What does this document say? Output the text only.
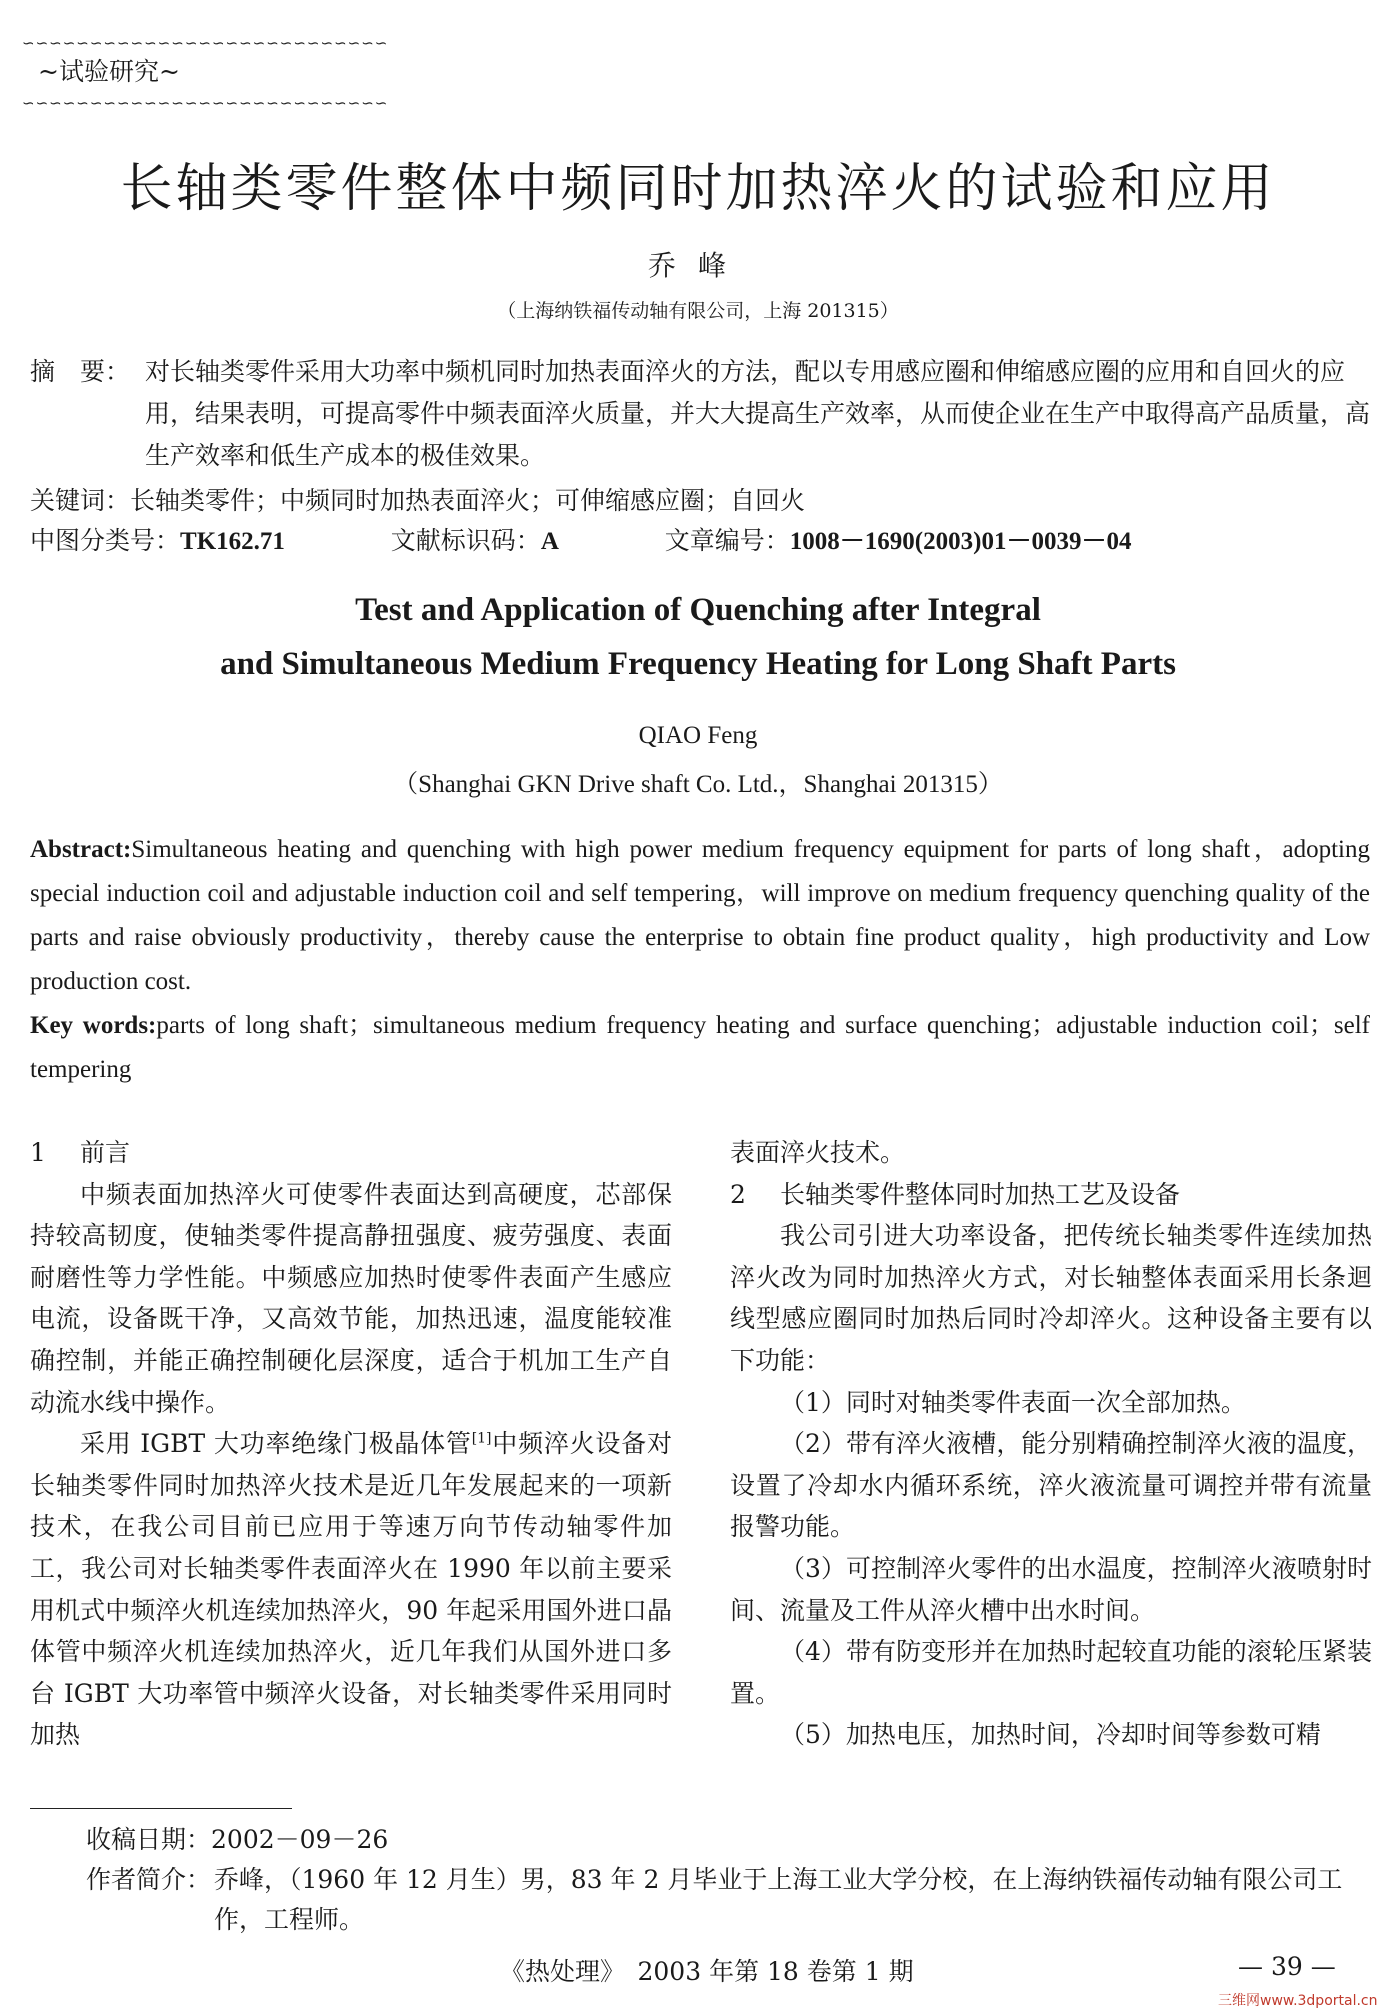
∽∽∽∽∽∽∽∽∽∽∽∽∽∽∽∽∽∽∽∽∽∽∽∽∽∽∽
~试验研究~
∽∽∽∽∽∽∽∽∽∽∽∽∽∽∽∽∽∽∽∽∽∽∽∽∽∽∽
长轴类零件整体中频同时加热淬火的试验和应用
乔峰
（上海纳铁福传动轴有限公司，上海 201315）
摘　要： 对长轴类零件采用大功率中频机同时加热表面淬火的方法，配以专用感应圈和伸缩感应圈的应用和自回火的应用，结果表明，可提高零件中频表面淬火质量，并大大提高生产效率，从而使企业在生产中取得高产品质量，高生产效率和低生产成本的极佳效果。
关键词：长轴类零件；中频同时加热表面淬火；可伸缩感应圈；自回火
中图分类号：TK162.71	文献标识码：A	文章编号：1008－1690(2003)01－0039－04
Test and Application of Quenching after Integral
and Simultaneous Medium Frequency Heating for Long Shaft Parts
QIAO Feng
（Shanghai GKN Drive shaft Co. Ltd.，Shanghai 201315）
Abstract:Simultaneous heating and quenching with high power medium frequency equipment for parts of long shaft，adopting special induction coil and adjustable induction coil and self tempering，will improve on medium frequency quenching quality of the parts and raise obviously productivity，thereby cause the enterprise to obtain fine product quality，high productivity and Low production cost.
Key words:parts of long shaft；simultaneous medium frequency heating and surface quenching；adjustable induction coil；self tempering

1 前言

中频表面加热淬火可使零件表面达到高硬度，芯部保持较高韧度，使轴类零件提高静扭强度、疲劳强度、表面耐磨性等力学性能。中频感应加热时使零件表面产生感应电流，设备既干净，又高效节能，加热迅速，温度能较准确控制，并能正确控制硬化层深度，适合于机加工生产自动流水线中操作。

采用 IGBT 大功率绝缘门极晶体管[1]中频淬火设备对长轴类零件同时加热淬火技术是近几年发展起来的一项新技术，在我公司目前已应用于等速万向节传动轴零件加工，我公司对长轴类零件表面淬火在 1990 年以前主要采用机式中频淬火机连续加热淬火，90 年起采用国外进口晶体管中频淬火机连续加热淬火，近几年我们从国外进口多台 IGBT 大功率管中频淬火设备，对长轴类零件采用同时加热

表面淬火技术。

2 长轴类零件整体同时加热工艺及设备

我公司引进大功率设备，把传统长轴类零件连续加热淬火改为同时加热淬火方式，对长轴整体表面采用长条迴线型感应圈同时加热后同时冷却淬火。这种设备主要有以下功能：

（1）同时对轴类零件表面一次全部加热。

（2）带有淬火液槽，能分别精确控制淬火液的温度，设置了冷却水内循环系统，淬火液流量可调控并带有流量报警功能。

（3）可控制淬火零件的出水温度，控制淬火液喷射时间、流量及工件从淬火槽中出水时间。

（4）带有防变形并在加热时起较直功能的滚轮压紧装置。

（5）加热电压，加热时间，冷却时间等参数可精

收稿日期：2002－09－26
作者简介： 乔峰，（1960 年 12 月生）男，83 年 2 月毕业于上海工业大学分校，在上海纳铁福传动轴有限公司工作，工程师。
《热处理》　2003 年第 18 卷第 1 期	— 39 —
三维网www.3dportal.cn
